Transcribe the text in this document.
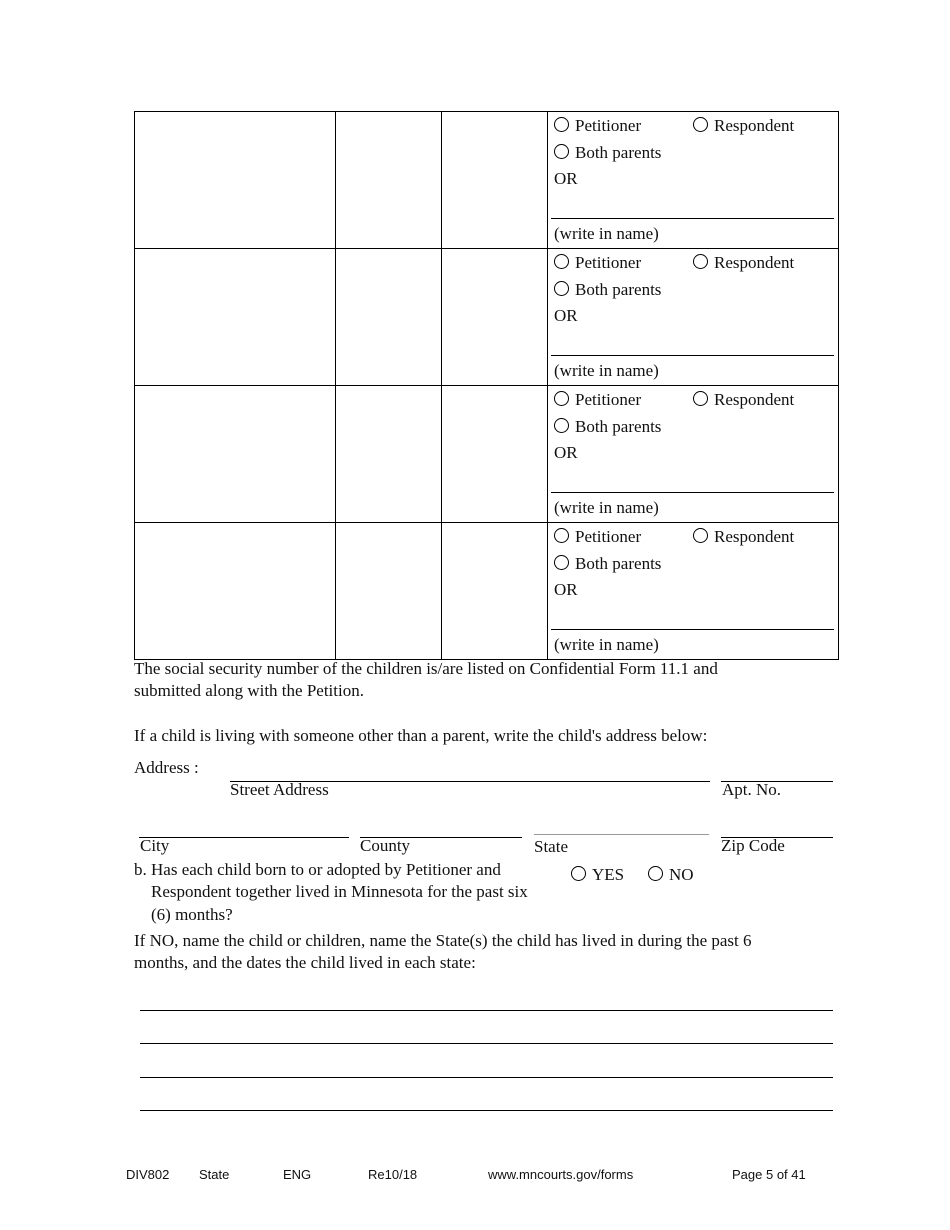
			Petitioner Respondent
Both parents
OR
(write in name)

			Petitioner Respondent
Both parents
OR
(write in name)

			Petitioner Respondent
Both parents
OR
(write in name)

			Petitioner Respondent
Both parents
OR
(write in name)
The social security number of the children is/are listed on Confidential Form 11.1 and
submitted along with the Petition.
If a child is living with someone other than a parent, write the child's address below:
Address :
Street Address	Apt. No.
City	County	State	Zip Code
b. Has each child born to or adopted by Petitioner and
Respondent together lived in Minnesota for the past six
(6) months?
YES	NO
If NO, name the child or children, name the State(s) the child has lived in during the past 6
months, and the dates the child lived in each state:
DIV802 State	ENG	Re10/18	www.mncourts.gov/forms	Page 5 of 41
